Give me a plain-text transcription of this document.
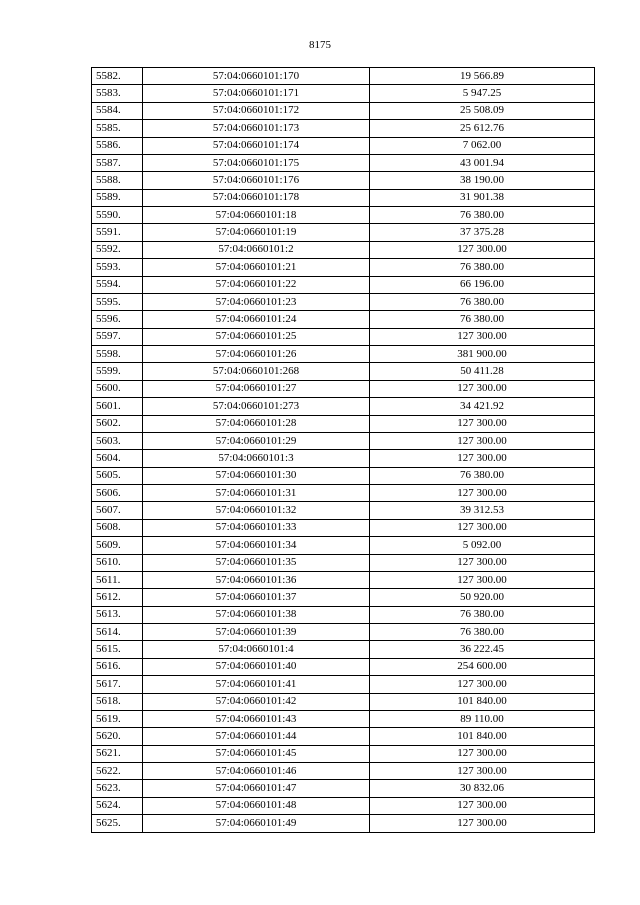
8175
5582.	57:04:0660101:170	19 566.89
5583.	57:04:0660101:171	5 947.25
5584.	57:04:0660101:172	25 508.09
5585.	57:04:0660101:173	25 612.76
5586.	57:04:0660101:174	7 062.00
5587.	57:04:0660101:175	43 001.94
5588.	57:04:0660101:176	38 190.00
5589.	57:04:0660101:178	31 901.38
5590.	57:04:0660101:18	76 380.00
5591.	57:04:0660101:19	37 375.28
5592.	57:04:0660101:2	127 300.00
5593.	57:04:0660101:21	76 380.00
5594.	57:04:0660101:22	66 196.00
5595.	57:04:0660101:23	76 380.00
5596.	57:04:0660101:24	76 380.00
5597.	57:04:0660101:25	127 300.00
5598.	57:04:0660101:26	381 900.00
5599.	57:04:0660101:268	50 411.28
5600.	57:04:0660101:27	127 300.00
5601.	57:04:0660101:273	34 421.92
5602.	57:04:0660101:28	127 300.00
5603.	57:04:0660101:29	127 300.00
5604.	57:04:0660101:3	127 300.00
5605.	57:04:0660101:30	76 380.00
5606.	57:04:0660101:31	127 300.00
5607.	57:04:0660101:32	39 312.53
5608.	57:04:0660101:33	127 300.00
5609.	57:04:0660101:34	5 092.00
5610.	57:04:0660101:35	127 300.00
5611.	57:04:0660101:36	127 300.00
5612.	57:04:0660101:37	50 920.00
5613.	57:04:0660101:38	76 380.00
5614.	57:04:0660101:39	76 380.00
5615.	57:04:0660101:4	36 222.45
5616.	57:04:0660101:40	254 600.00
5617.	57:04:0660101:41	127 300.00
5618.	57:04:0660101:42	101 840.00
5619.	57:04:0660101:43	89 110.00
5620.	57:04:0660101:44	101 840.00
5621.	57:04:0660101:45	127 300.00
5622.	57:04:0660101:46	127 300.00
5623.	57:04:0660101:47	30 832.06
5624.	57:04:0660101:48	127 300.00
5625.	57:04:0660101:49	127 300.00
